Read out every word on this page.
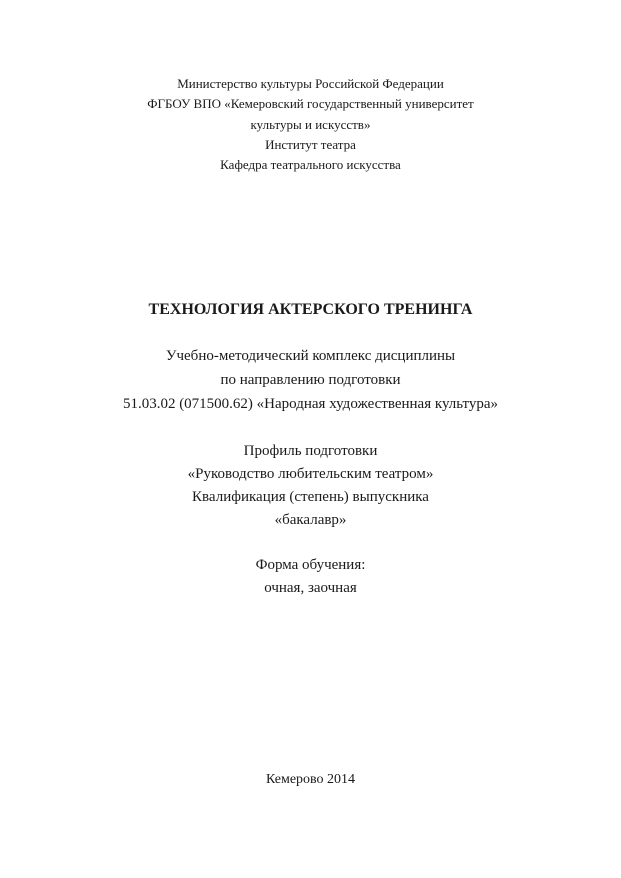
Министерство культуры Российской Федерации
ФГБОУ ВПО «Кемеровский государственный университет
культуры и искусств»
Институт театра
Кафедра театрального искусства
ТЕХНОЛОГИЯ АКТЕРСКОГО ТРЕНИНГА
Учебно-методический комплекс дисциплины
по направлению подготовки
51.03.02 (071500.62) «Народная художественная культура»
Профиль подготовки
«Руководство любительским театром»
Квалификация (степень) выпускника
«бакалавр»
Форма обучения:
очная, заочная
Кемерово 2014
